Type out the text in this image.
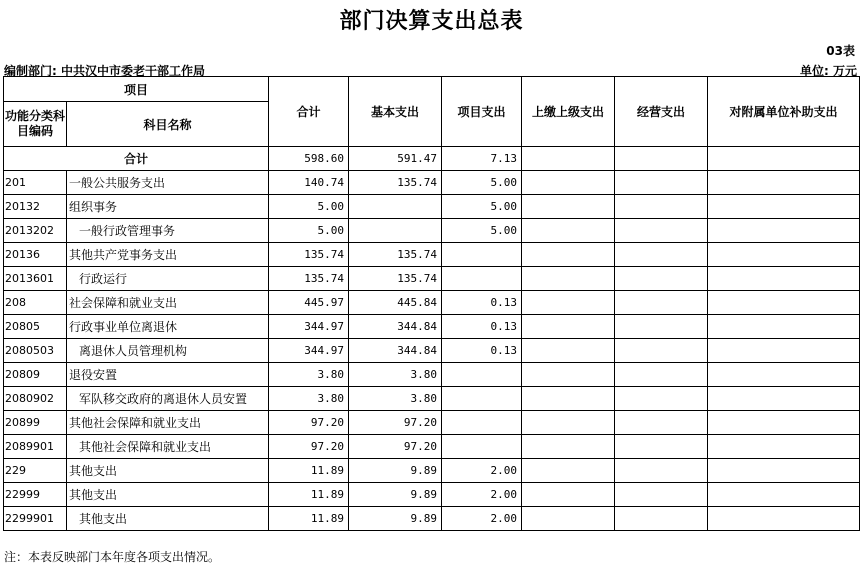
部门决算支出总表
03表
编制部门: 中共汉中市委老干部工作局	单位: 万元
项目		合计	基本支出	项目支出	上缴上级支出	经营支出	对附属单位补助支出
功能分类科目编码	科目名称						
合计		598.60	591.47	7.13			
201	一般公共服务支出	140.74	135.74	5.00			
20132	组织事务	5.00		5.00			
2013202	一般行政管理事务	5.00		5.00			
20136	其他共产党事务支出	135.74	135.74				
2013601	行政运行	135.74	135.74				
208	社会保障和就业支出	445.97	445.84	0.13			
20805	行政事业单位离退休	344.97	344.84	0.13			
2080503	离退休人员管理机构	344.97	344.84	0.13			
20809	退役安置	3.80	3.80				
2080902	军队移交政府的离退休人员安置	3.80	3.80				
20899	其他社会保障和就业支出	97.20	97.20				
2089901	其他社会保障和就业支出	97.20	97.20				
229	其他支出	11.89	9.89	2.00			
22999	其他支出	11.89	9.89	2.00			
2299901	其他支出	11.89	9.89	2.00			
注：本表反映部门本年度各项支出情况。
